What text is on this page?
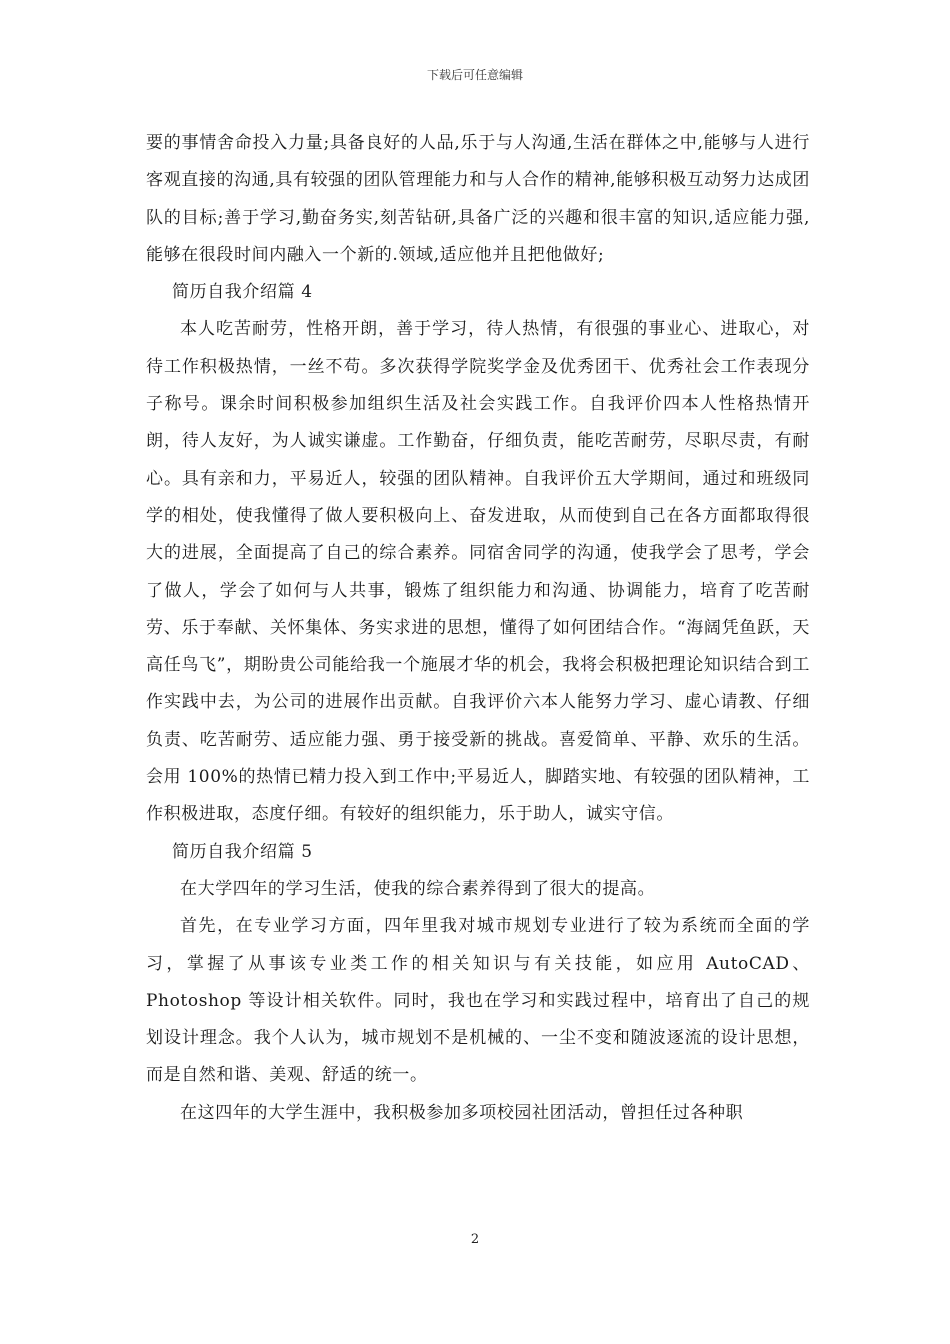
下载后可任意编辑

要的事情舍命投入力量;具备良好的人品,乐于与人沟通,生活在群体之中,能够与人进行客观直接的沟通,具有较强的团队管理能力和与人合作的精神,能够积极互动努力达成团队的目标;善于学习,勤奋务实,刻苦钻研,具备广泛的兴趣和很丰富的知识,适应能力强,能够在很段时间内融入一个新的.领域,适应他并且把他做好;

简历自我介绍篇 4

本人吃苦耐劳，性格开朗，善于学习，待人热情，有很强的事业心、进取心，对待工作积极热情，一丝不苟。多次获得学院奖学金及优秀团干、优秀社会工作表现分子称号。课余时间积极参加组织生活及社会实践工作。自我评价四本人性格热情开朗，待人友好，为人诚实谦虚。工作勤奋，仔细负责，能吃苦耐劳，尽职尽责，有耐心。具有亲和力，平易近人，较强的团队精神。自我评价五大学期间，通过和班级同学的相处，使我懂得了做人要积极向上、奋发进取，从而使到自己在各方面都取得很大的进展，全面提高了自己的综合素养。同宿舍同学的沟通，使我学会了思考，学会了做人，学会了如何与人共事，锻炼了组织能力和沟通、协调能力，培育了吃苦耐劳、乐于奉献、关怀集体、务实求进的思想，懂得了如何团结合作。“海阔凭鱼跃，天高任鸟飞”，期盼贵公司能给我一个施展才华的机会，我将会积极把理论知识结合到工作实践中去，为公司的进展作出贡献。自我评价六本人能努力学习、虚心请教、仔细负责、吃苦耐劳、适应能力强、勇于接受新的挑战。喜爱简单、平静、欢乐的生活。会用 100%的热情已精力投入到工作中;平易近人，脚踏实地、有较强的团队精神，工作积极进取，态度仔细。有较好的组织能力，乐于助人，诚实守信。

简历自我介绍篇 5

在大学四年的学习生活，使我的综合素养得到了很大的提高。

首先，在专业学习方面，四年里我对城市规划专业进行了较为系统而全面的学习，掌握了从事该专业类工作的相关知识与有关技能，如应用 AutoCAD、Photoshop 等设计相关软件。同时，我也在学习和实践过程中，培育出了自己的规划设计理念。我个人认为，城市规划不是机械的、一尘不变和随波逐流的设计思想，而是自然和谐、美观、舒适的统一。

在这四年的大学生涯中，我积极参加多项校园社团活动，曾担任过各种职

2
